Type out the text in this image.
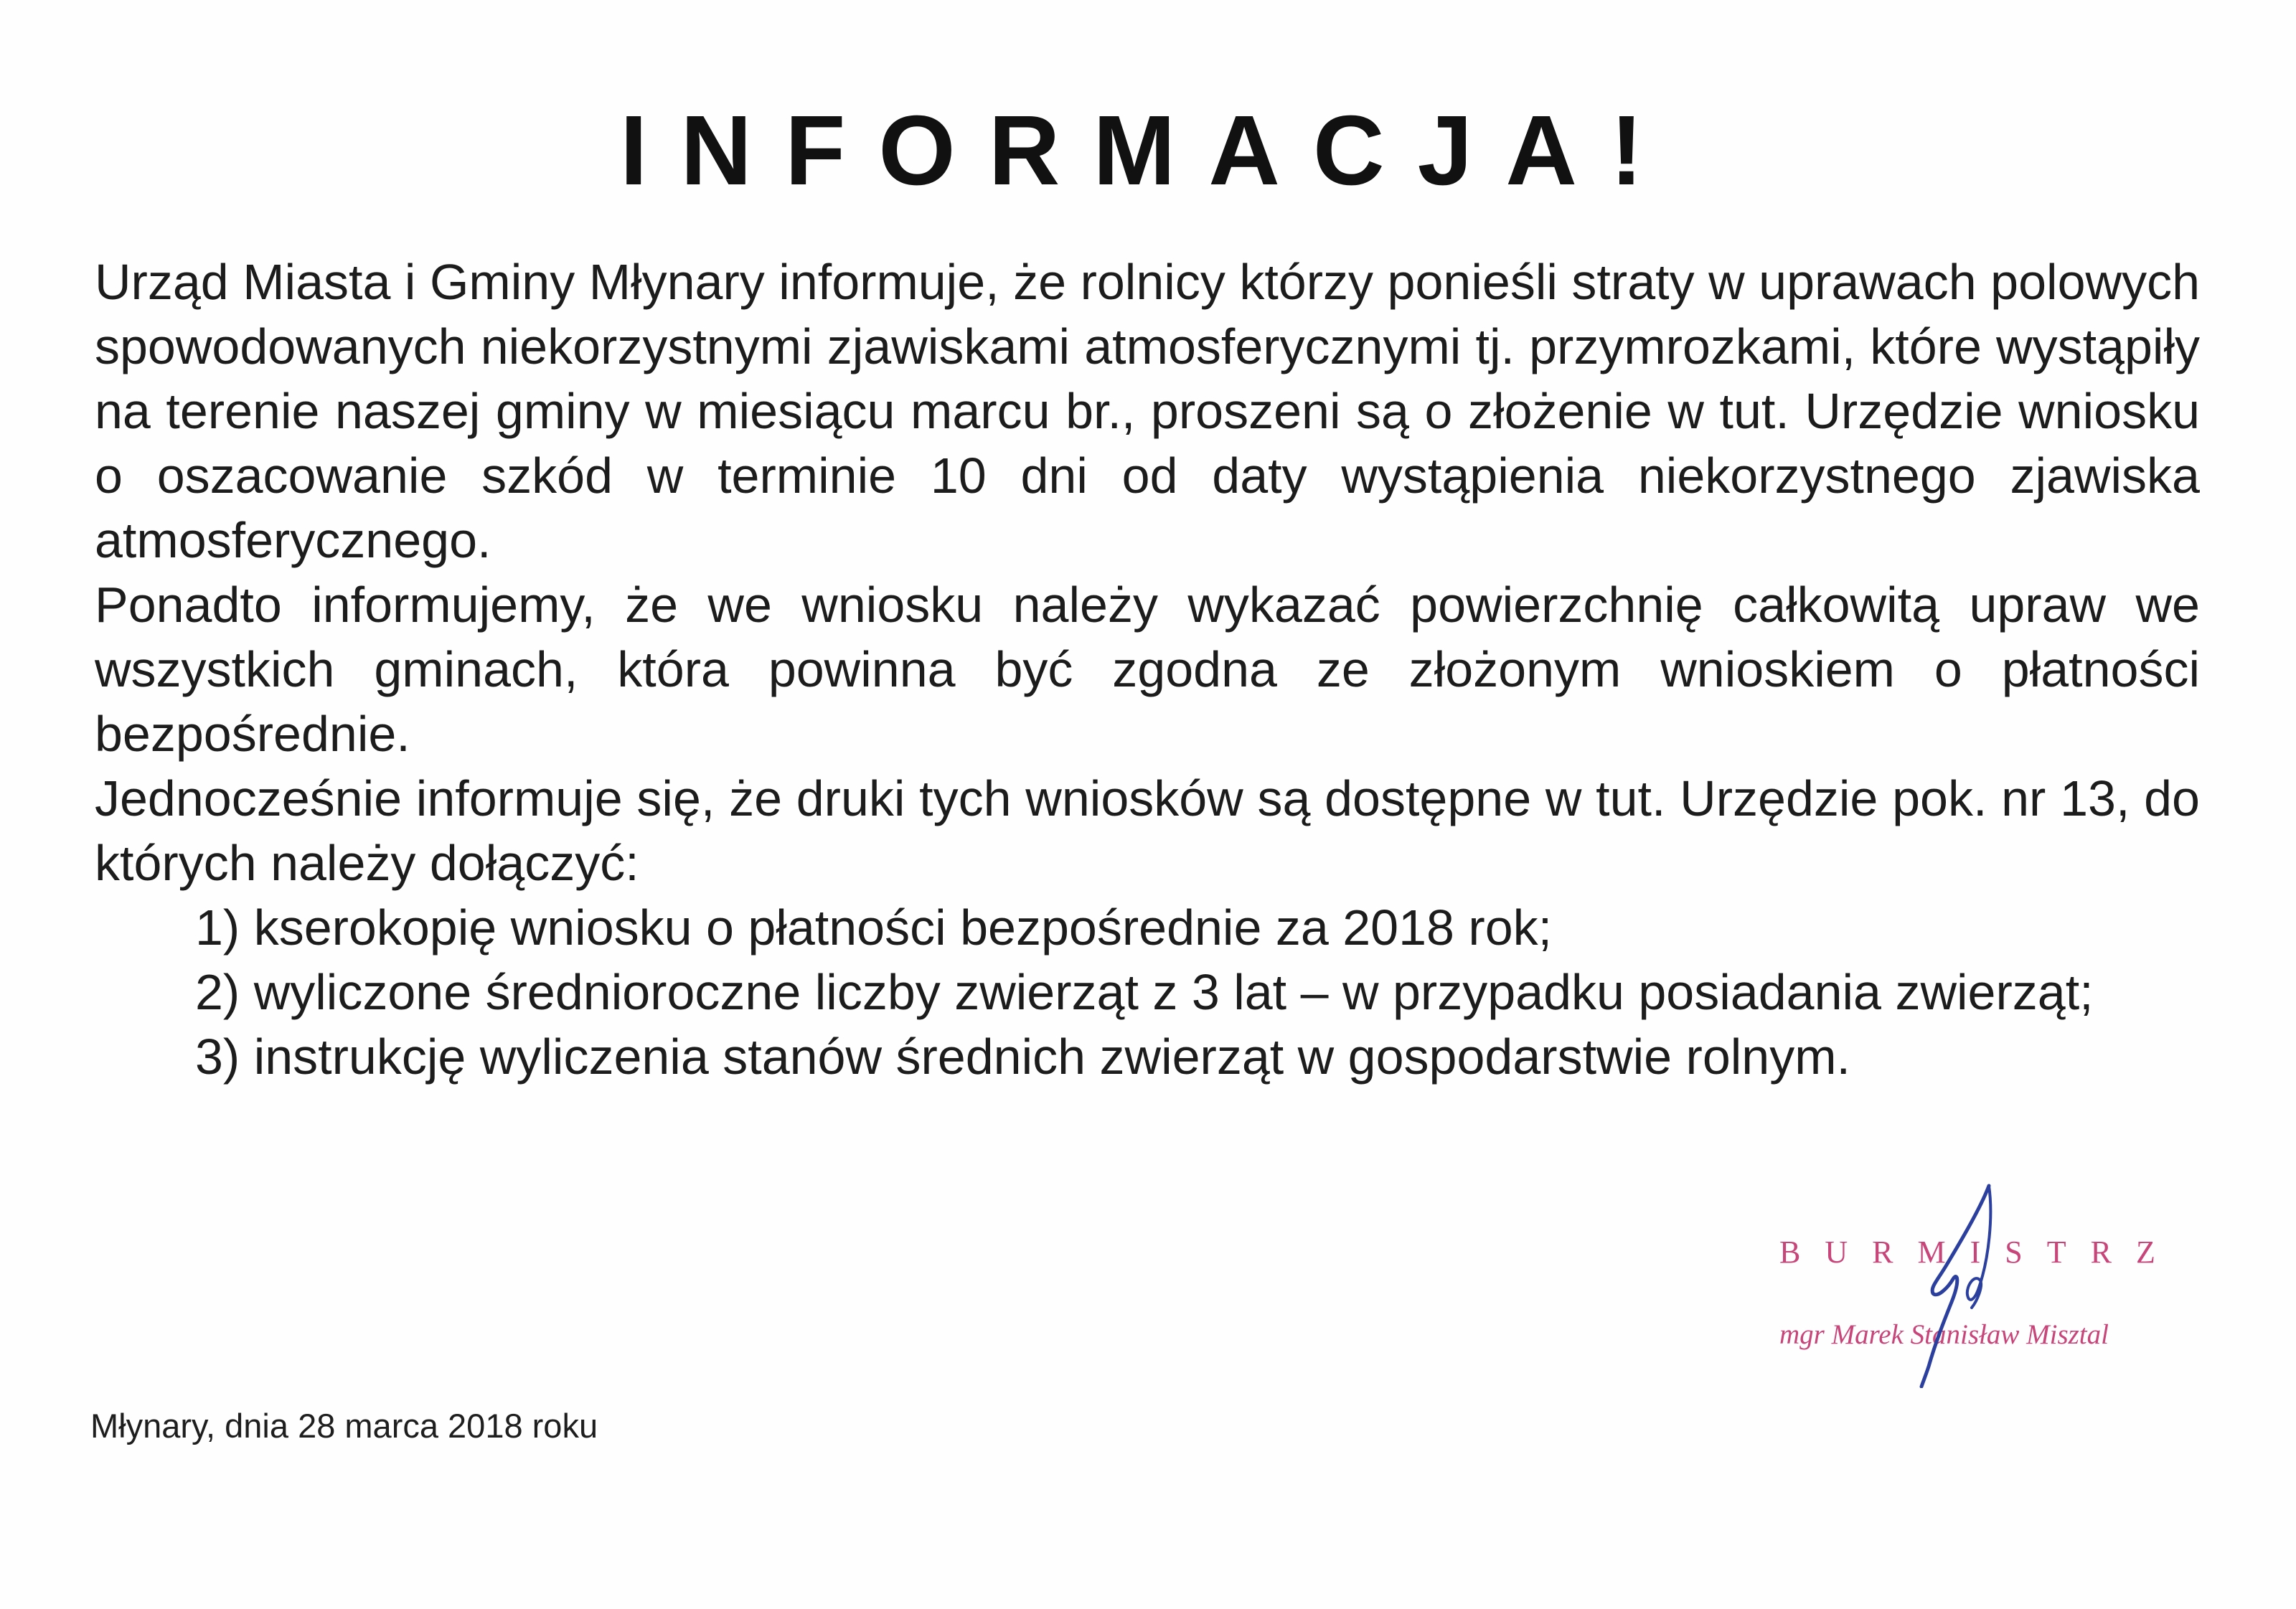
INFORMACJA!

Urząd Miasta i Gminy Młynary informuje, że rolnicy którzy ponieśli straty w uprawach polowych spowodowanych niekorzystnymi zjawiskami atmosferycznymi tj. przymrozkami, które wystąpiły na terenie naszej gminy w miesiącu marcu br., proszeni są o złożenie w tut. Urzędzie wniosku o oszacowanie szkód w terminie 10 dni od daty wystąpienia niekorzystnego zjawiska atmosferycznego.

Ponadto informujemy, że we wniosku należy wykazać powierzchnię całkowitą upraw we wszystkich gminach, która powinna być zgodna ze złożonym wnioskiem o płatności bezpośrednie.

Jednocześnie informuje się, że druki tych wniosków są dostępne w tut. Urzędzie pok. nr 13, do których należy dołączyć:

1) kserokopię wniosku o płatności bezpośrednie za 2018 rok;
2) wyliczone średnioroczne liczby zwierząt z 3 lat – w przypadku posiadania zwierząt;
3) instrukcję wyliczenia stanów średnich zwierząt w gospodarstwie rolnym.
BURMISTRZ
mgr Marek Stanisław Misztal
Młynary, dnia 28 marca 2018 roku
